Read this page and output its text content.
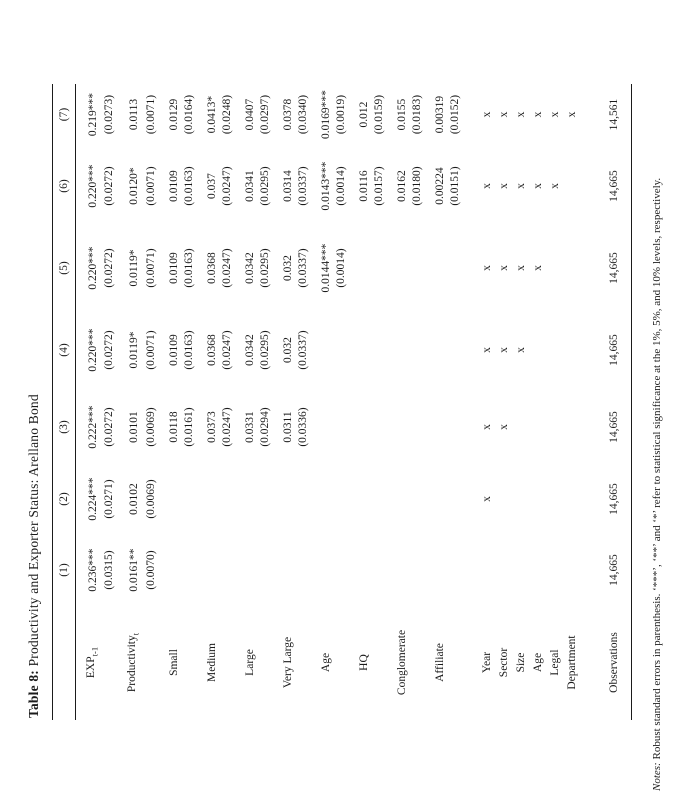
Table 8: Productivity and Exporter Status: Arellano Bond
	(1)	(2)	(3)	(4)	(5)	(6)	(7)
$EXP_{t-1}$	0.236***	0.224***	0.222***	0.220***	0.220***	0.220***	0.219***
	(0.0315)	(0.0271)	(0.0272)	(0.0272)	(0.0272)	(0.0272)	(0.0273)
Productivity$_t$	0.0161**	0.0102	0.0101	0.0119*	0.0119*	0.0120*	0.0113
	(0.0070)	(0.0069)	(0.0069)	(0.0071)	(0.0071)	(0.0071)	(0.0071)
Small			0.0118	0.0109	0.0109	0.0109	0.0129
			(0.0161)	(0.0163)	(0.0163)	(0.0163)	(0.0164)
Medium			0.0373	0.0368	0.0368	0.037	0.0413*
			(0.0247)	(0.0247)	(0.0247)	(0.0247)	(0.0248)
Large			0.0331	0.0342	0.0342	0.0341	0.0407
			(0.0294)	(0.0295)	(0.0295)	(0.0295)	(0.0297)
Very Large			0.0311	0.032	0.032	0.0314	0.0378
			(0.0336)	(0.0337)	(0.0337)	(0.0337)	(0.0340)
Age					0.0144***	0.0143***	0.0169***
					(0.0014)	(0.0014)	(0.0019)
HQ						0.0116	0.012
						(0.0157)	(0.0159)
Conglomerate						0.0162	0.0155
						(0.0180)	(0.0183)
Affiliate						0.00224	0.00319
						(0.0151)	(0.0152)
Year		x	x	x	x	x	x
Sector			x	x	x	x	x
Size				x	x	x	x
Age					x	x	x
Legal						x	x
Department							x
Observations	14,665	14,665	14,665	14,665	14,665	14,665	14,561
Notes: Robust standard errors in parenthesis. ‘***’, ‘**’ and ‘*’ refer to statistical significance at the 1%, 5%, and 10% levels, respectively.
